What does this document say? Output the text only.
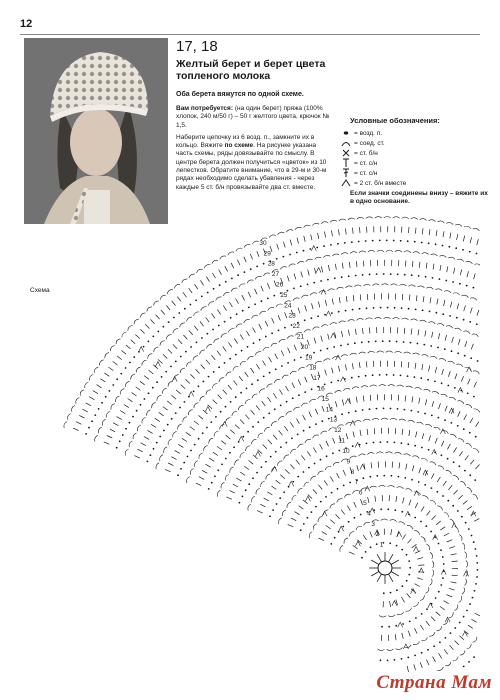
12
17, 18
Желтый берет и берет цвета топленого молока
Оба берета вяжутся по одной схеме.
Вам потребуется: (на один берет) пряжа (100% хлопок, 240 м/50 г) – 50 г желтого цвета, крючок № 1,5.
Наберите цепочку из 6 возд. п., замкните их в кольцо. Вяжите по схеме. На рисунке указана часть схемы, ряды довязывайте по смыслу. В центре берета должен получиться «цветок» из 10 лепестков. Обратите внимание, что в 29-м и 30-м рядах необходимо сделать убавления - через каждые 5 ст. б/н провязывайте два ст. вместе.
Условные обозначения:
= возд. п.
= соед. ст.
= ст. б/н
= ст. с/н
= ст. с/н
= 2 ст. б/н вместе
Если значки соединены внизу – вяжите их в одно основание.
Схема
30
29
28
27
26
25
24
23
22
21
20
19
18
17
16
15
14
13
12
11
10
9
8
7
6
5
4
3
2
1
Страна Мам
